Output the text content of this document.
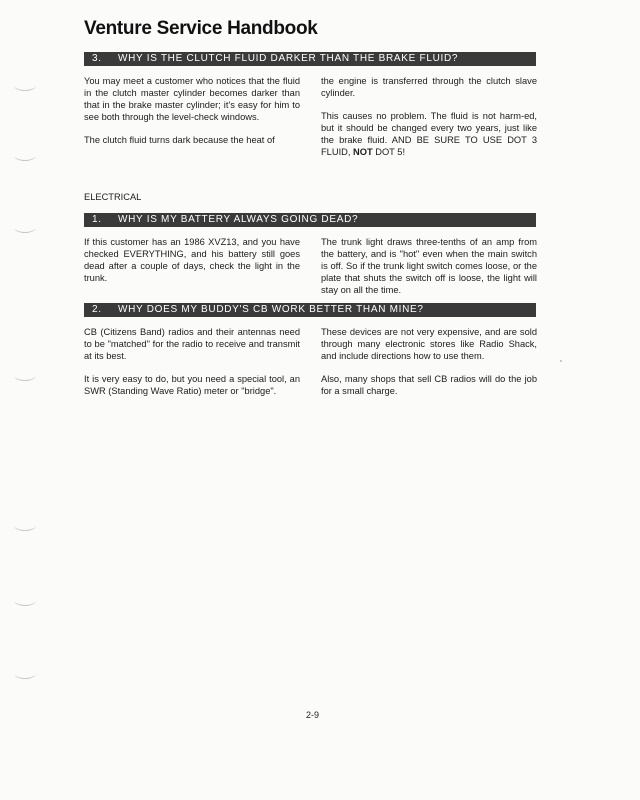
Venture Service Handbook
3. WHY IS THE CLUTCH FLUID DARKER THAN THE BRAKE FLUID?

You may meet a customer who notices that the fluid in the clutch master cylinder becomes darker than that in the brake master cylinder; it's easy for him to see both through the level-check windows.

The clutch fluid turns dark because the heat of

the engine is transferred through the clutch slave cylinder.

This causes no problem. The fluid is not harm-ed, but it should be changed every two years, just like the brake fluid. AND BE SURE TO USE DOT 3 FLUID, NOT DOT 5!

ELECTRICAL
1. WHY IS MY BATTERY ALWAYS GOING DEAD?

If this customer has an 1986 XVZ13, and you have checked EVERYTHING, and his battery still goes dead after a couple of days, check the light in the trunk.

The trunk light draws three-tenths of an amp from the battery, and is "hot" even when the main switch is off. So if the trunk light switch comes loose, or the plate that shuts the switch off is loose, the light will stay on all the time.

2. WHY DOES MY BUDDY'S CB WORK BETTER THAN MINE?

CB (Citizens Band) radios and their antennas need to be "matched" for the radio to receive and transmit at its best.

It is very easy to do, but you need a special tool, an SWR (Standing Wave Ratio) meter or "bridge".

These devices are not very expensive, and are sold through many electronic stores like Radio Shack, and include directions how to use them.

Also, many shops that sell CB radios will do the job for a small charge.

2-9
